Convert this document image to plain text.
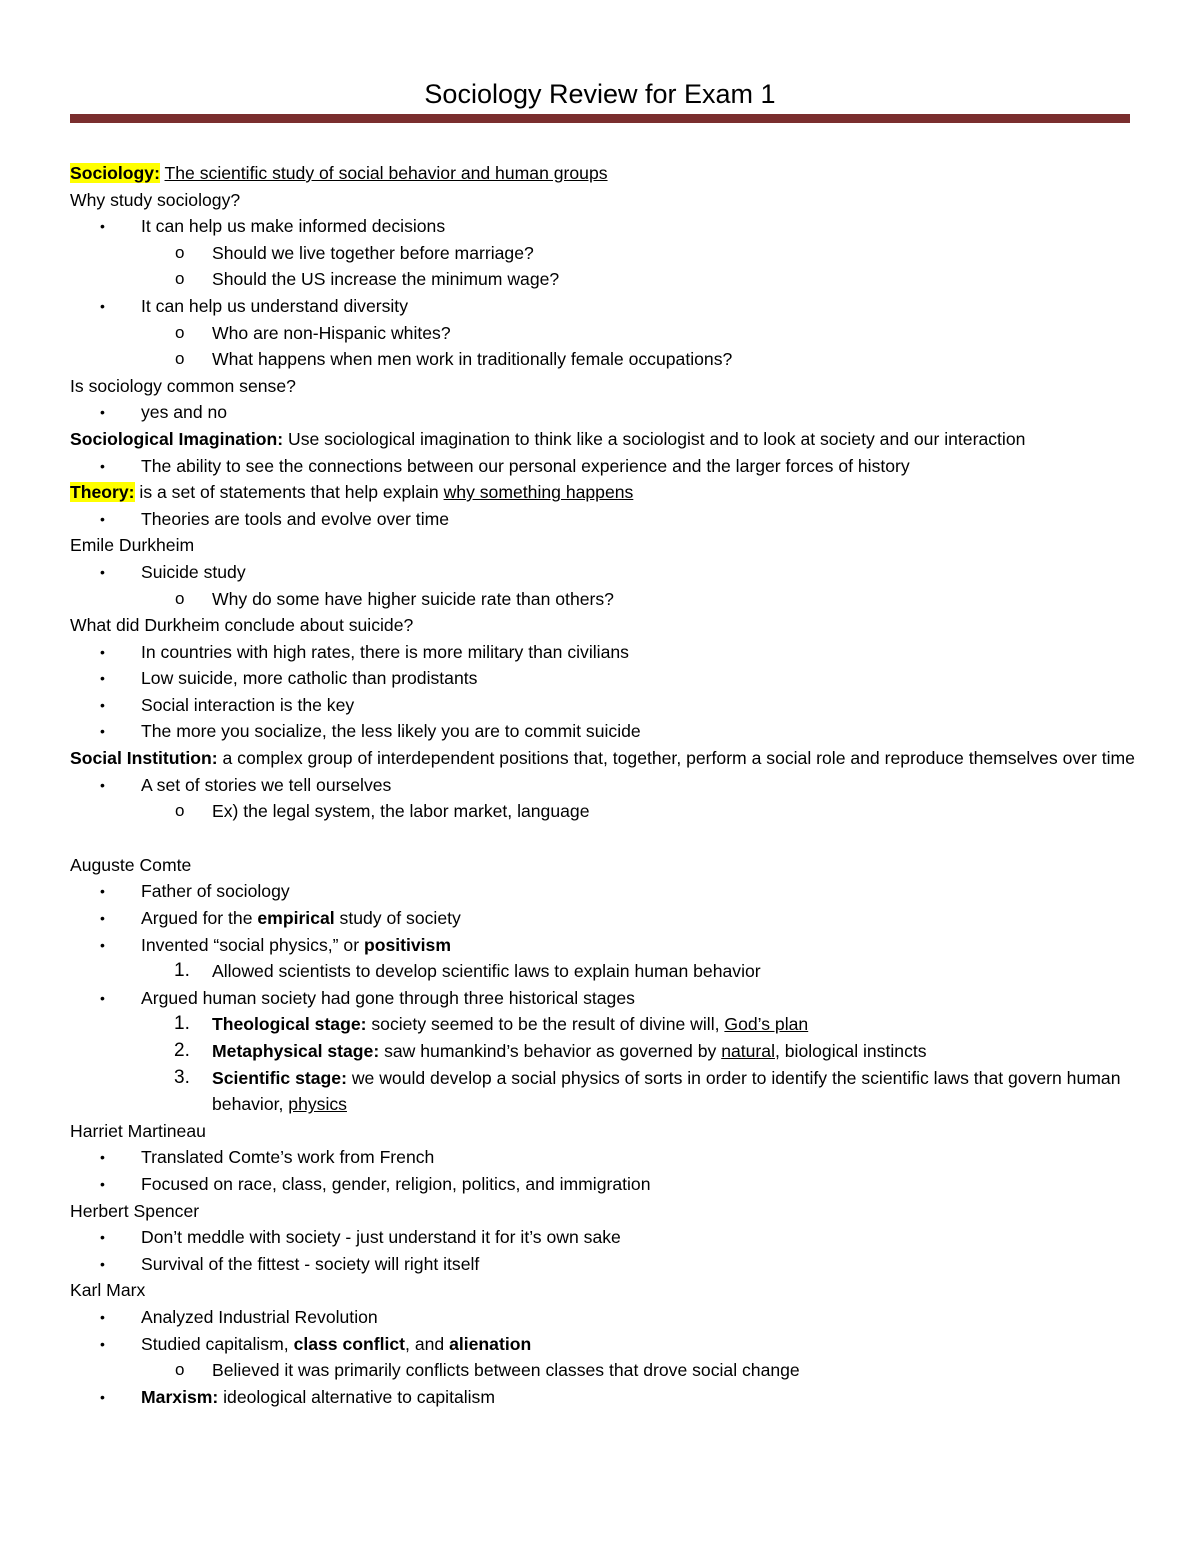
Sociology Review for Exam 1
Sociology: The scientific study of social behavior and human groups
Why study sociology?
• It can help us make informed decisions
o Should we live together before marriage?
o Should the US increase the minimum wage?
• It can help us understand diversity
o Who are non-Hispanic whites?
o What happens when men work in traditionally female occupations?
Is sociology common sense?
• yes and no
Sociological Imagination: Use sociological imagination to think like a sociologist and to look at society and our interaction
• The ability to see the connections between our personal experience and the larger forces of history
Theory: is a set of statements that help explain why something happens
• Theories are tools and evolve over time
Emile Durkheim
• Suicide study
o Why do some have higher suicide rate than others?
What did Durkheim conclude about suicide?
• In countries with high rates, there is more military than civilians
• Low suicide, more catholic than prodistants
• Social interaction is the key
• The more you socialize, the less likely you are to commit suicide
Social Institution: a complex group of interdependent positions that, together, perform a social role and reproduce themselves over time
• A set of stories we tell ourselves
o Ex) the legal system, the labor market, language
Auguste Comte
• Father of sociology
• Argued for the empirical study of society
• Invented “social physics,” or positivism
1. Allowed scientists to develop scientific laws to explain human behavior
• Argued human society had gone through three historical stages
1. Theological stage: society seemed to be the result of divine will, God’s plan
2. Metaphysical stage: saw humankind’s behavior as governed by natural, biological instincts
3. Scientific stage: we would develop a social physics of sorts in order to identify the scientific laws that govern human behavior, physics
Harriet Martineau
• Translated Comte’s work from French
• Focused on race, class, gender, religion, politics, and immigration
Herbert Spencer
• Don’t meddle with society - just understand it for it’s own sake
• Survival of the fittest - society will right itself
Karl Marx
• Analyzed Industrial Revolution
• Studied capitalism, class conflict, and alienation
o Believed it was primarily conflicts between classes that drove social change
• Marxism: ideological alternative to capitalism
